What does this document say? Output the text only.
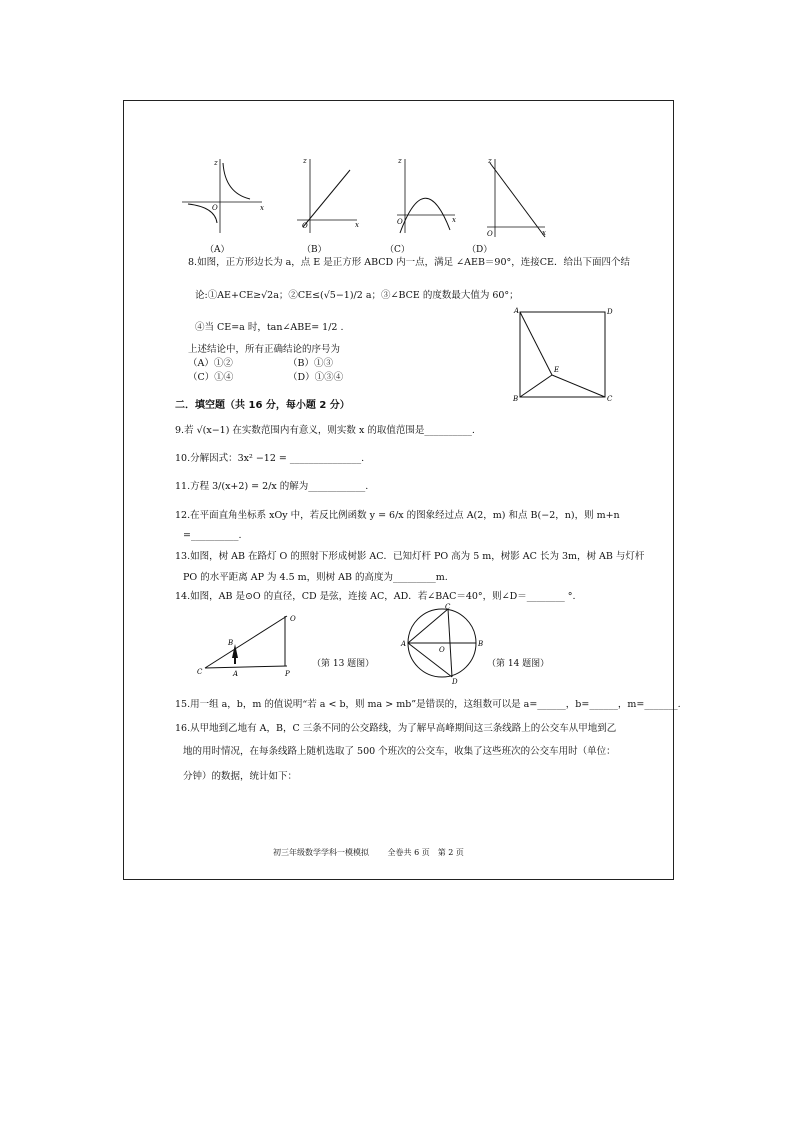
z
x
O
（A）
z
x
O
（B）
z
x
O
（C）
z
x
O
（D）
8.如图，正方形边长为 a，点 E 是正方形 ABCD 内一点，满足 ∠AEB＝90°，连接CE．给出下面四个结
论:①AE+CE≥√2a；②CE≤(√5−1)/2 a；③∠BCE 的度数最大值为 60°；
④当 CE=a 时，tan∠ABE= 1/2 .
上述结论中，所有正确结论的序号为
（A）①②	（B）①③
（C）①④	（D）①③④
A	D
B	C
E
二．填空题（共 16 分，每小题 2 分）
9.若 √(x−1) 在实数范围内有意义，则实数 x 的取值范围是__________.
10.分解因式：3x² −12 = _______________.
11.方程 3/(x+2) = 2/x 的解为____________.
12.在平面直角坐标系 xOy 中，若反比例函数 y = 6/x 的图象经过点 A(2，m) 和点 B(−2，n)，则 m+n
=__________.
13.如图，树 AB 在路灯 O 的照射下形成树影 AC．已知灯杆 PO 高为 5 m，树影 AC 长为 3m，树 AB 与灯杆
PO 的水平距离 AP 为 4.5 m，则树 AB 的高度为_________m.
14.如图，AB 是⊙O 的直径，CD 是弦，连接 AC，AD．若∠BAC＝40°，则∠D＝________ °.
O
B
C	A	P
（第 13 题图）
C
A	B
D
O
（第 14 题图）
15.用一组 a，b，m 的值说明“若 a < b，则 ma > mb”是错误的，这组数可以是 a=______，b=______，m=_______.
16.从甲地到乙地有 A，B，C 三条不同的公交路线，为了解早高峰期间这三条线路上的公交车从甲地到乙
地的用时情况，在每条线路上随机选取了 500 个班次的公交车，收集了这些班次的公交车用时（单位：
分钟）的数据，统计如下：
初三年级数学学科一模模拟　　 全卷共 6 页　第 2 页
